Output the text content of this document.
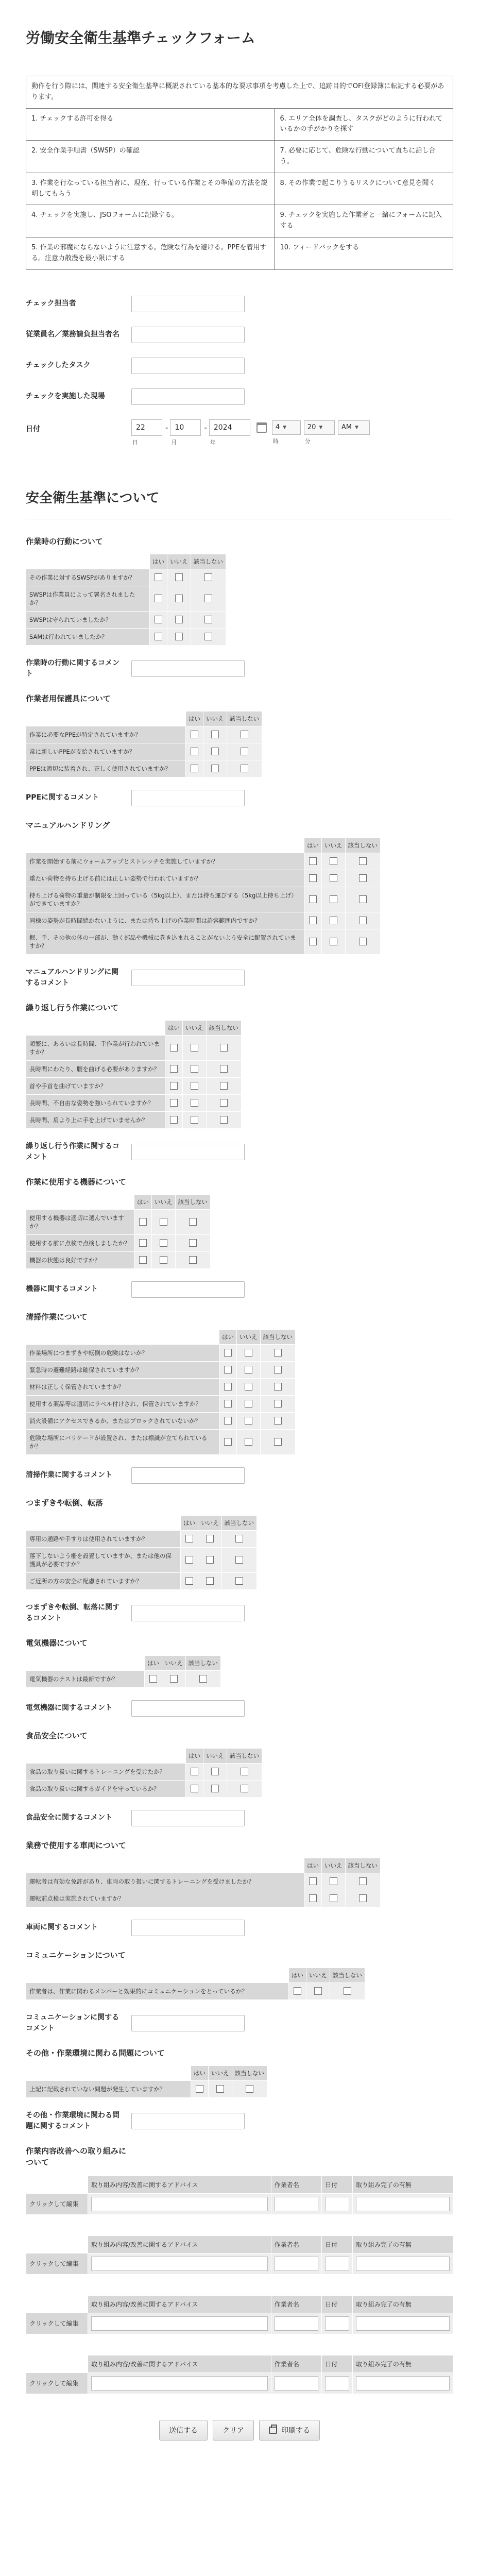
労働安全衛生基準チェックフォーム
動作を行う際には、関連する安全衛生基準に概説されている基本的な要求事項を考慮した上で、追跡目的でOFI登録簿に転記する必要があります。	
1. チェックする許可を得る	6. エリア全体を調査し、タスクがどのように行われているかの手がかりを探す
2. 安全作業手順書（SWSP）の確認	7. 必要に応じて、危険な行動について直ちに話し合う。
3. 作業を行なっている担当者に、現在、行っている作業とその準備の方法を説明してもらう	8. その作業で起こりうるリスクについて意見を聞く
4. チェックを実施し、JSOフォームに記録する。	9. チェックを実施した作業者と一緒にフォームに記入する
5. 作業の邪魔にならないように注意する。危険な行為を避ける。PPEを着用する。注意力散漫を最小限にする	10. フィードバックをする
チェック担当者
従業員名／業務請負担当者名
チェックしたタスク
チェックを実施した現場
日付	22
日
- 10
月
- 2024
年
4 ▼
時
20 ▼
分
AM ▼
安全衛生基準について
作業時の行動について
	はい	いいえ	該当しない
その作業に対するSWSPがありますか？			
SWSPは作業員によって署名されましたか？			
SWSPは守られていましたか？			
SAMは行われていましたか？			
作業時の行動に関するコメント
作業者用保護具について
	はい	いいえ	該当しない
作業に必要なPPEが特定されていますか？			
常に新しいPPEが支給されていますか？			
PPEは適切に装着され、正しく使用されていますか？			
PPEに関するコメント
マニュアルハンドリング
	はい	いいえ	該当しない
作業を開始する前にウォームアップとストレッチを実施していますか？			
重たい荷物を持ち上げる前には正しい姿勢で行われていますか？			
持ち上げる荷物の重量が制限を上回っている（5kg以上）、または持ち運びする（5kg以上持ち上げ）ができていますか？			
同様の姿勢が長時間続かないように、または持ち上げの作業時間は許容範囲内ですか？			
掘、手、その他の体の一部が、動く部品や機械に巻き込まれることがないよう安全に配置されていますか？			
マニュアルハンドリングに関するコメント
繰り返し行う作業について
	はい	いいえ	該当しない
頻繁に、あるいは長時間、手作業が行われていますか？			
長時間にわたり、腰を曲げる必要がありますか？			
首や手首を曲げていますか？			
長時間、不自由な姿勢を強いられていますか？			
長時間、肩より上に手を上げていませんか？			
繰り返し行う作業に関するコメント
作業に使用する機器について
	はい	いいえ	該当しない
使用する機器は適切に選んでいますか？			
使用する前に点検で点検しましたか？			
機器の状態は良好ですか？			
機器に関するコメント
清掃作業について
	はい	いいえ	該当しない
作業場所につまずきや転倒の危険はないか？			
緊急時の避難経路は確保されていますか？			
材料は正しく保管されていますか？			
使用する薬品等は適切にラベル付けされ、保管されていますか？			
消火設備にアクセスできるか、またはブロックされていないか？			
危険な場所にバリケードが設置され、または標識が立てられているか？			
清掃作業に関するコメント
つまずきや転倒、転落
	はい	いいえ	該当しない
専用の通路や手すりは使用されていますか？			
落下しないよう柵を設置していますか、または他の保護具が必要ですか？			
ご近所の方の安全に配慮されていますか？			
つまずきや転倒、転落に関するコメント
電気機器について
	はい	いいえ	該当しない
電気機器のテストは最新ですか？			
電気機器に関するコメント
食品安全について
	はい	いいえ	該当しない
食品の取り扱いに関するトレーニングを受けたか？			
食品の取り扱いに関するガイドを守っているか？			
食品安全に関するコメント
業務で使用する車両について
	はい	いいえ	該当しない
運転者は有効な免許があり、車両の取り扱いに関するトレーニングを受けましたか？			
運転前点検は実施されていますか？			
車両に関するコメント
コミュニケーションについて
	はい	いいえ	該当しない
作業者は、作業に関わるメンバーと効果的にコミュニケーションをとっているか？			
コミュニケーションに関するコメント
その他・作業環境に関わる問題について
	はい	いいえ	該当しない
上記に記載されていない問題が発生していますか？			
その他・作業環境に関わる問題に関するコメント
作業内容改善への取り組みについて
	取り組み内容/改善に関するアドバイス	作業者名	日付	取り組み完了の有無
クリックして編集	

	取り組み内容/改善に関するアドバイス	作業者名	日付	取り組み完了の有無
クリックして編集	

	取り組み内容/改善に関するアドバイス	作業者名	日付	取り組み完了の有無
クリックして編集	

	取り組み内容/改善に関するアドバイス	作業者名	日付	取り組み完了の有無
クリックして編集	

送信する	クリア	印刷する
